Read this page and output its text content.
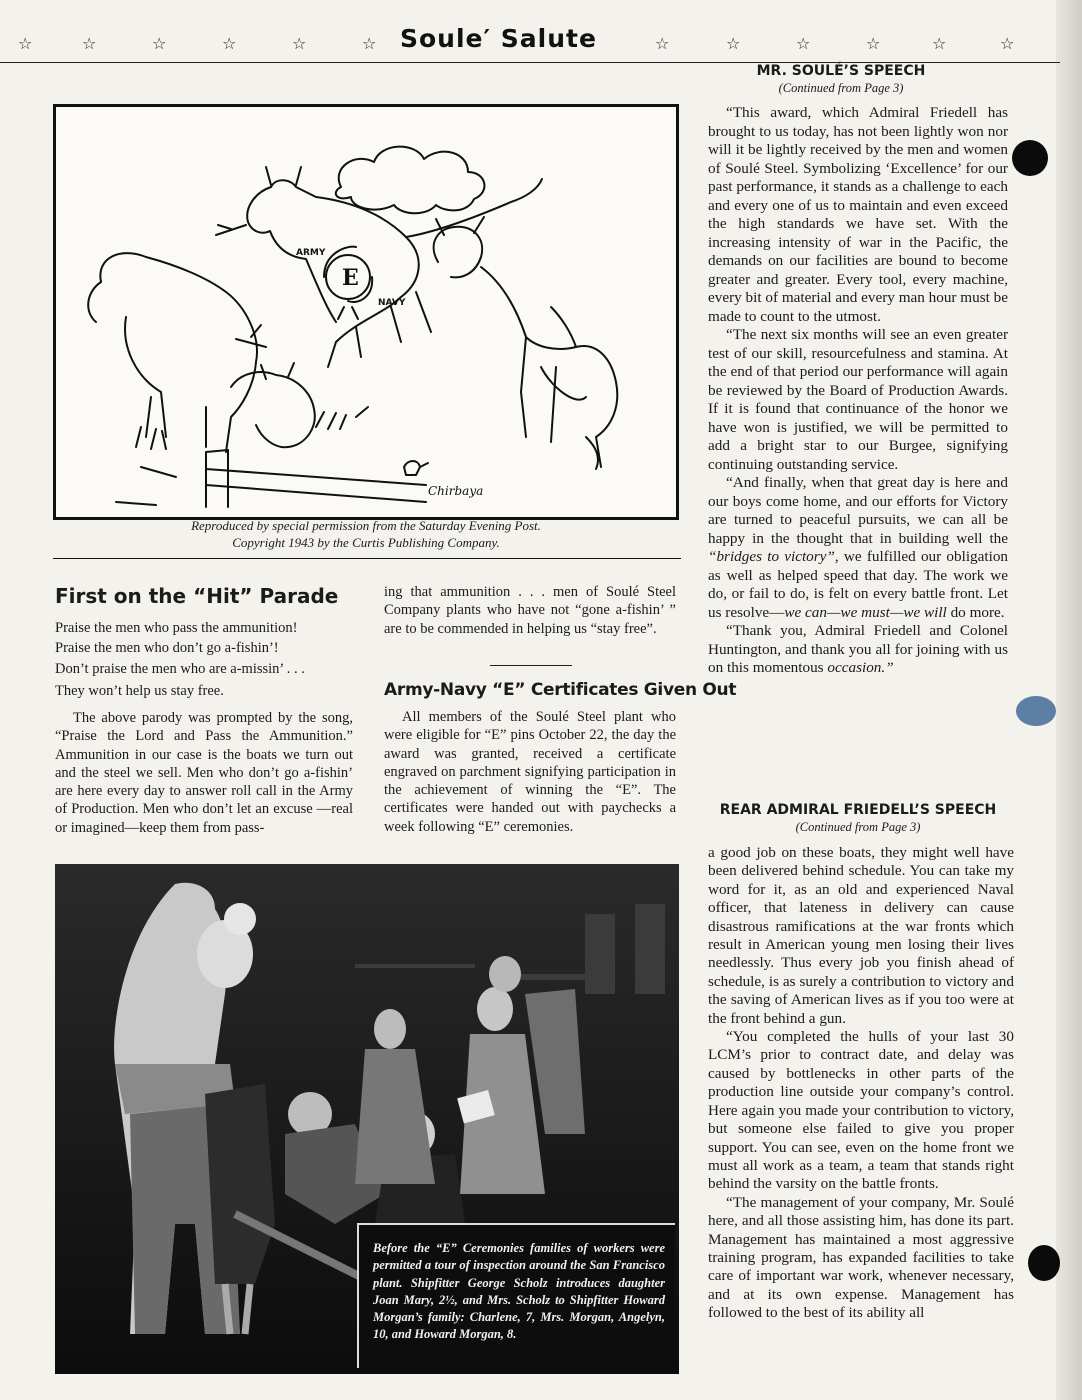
☆	☆	☆	☆	☆	☆ Soule′ Salute	☆	☆	☆	☆	☆	☆
ARMY
E
NAVY
Chirbaya
Reproduced by special permission from the Saturday Evening Post.
Copyright 1943 by the Curtis Publishing Company.
First on the “Hit” Parade
Praise the men who pass the ammunition!
Praise the men who don’t go a-fishin’!
Don’t praise the men who are a-missin’ . . .
They won’t help us stay free.
The above parody was prompted by the song, “Praise the Lord and Pass the Ammunition.” Ammunition in our case is the boats we turn out and the steel we sell. Men who don’t go a-fishin’ are here every day to answer roll call in the Army of Production. Men who don’t let an excuse —real or imagined—keep them from pass-
ing that ammunition . . . men of Soulé Steel Company plants who have not “gone a-fishin’ ” are to be commended in helping us “stay free”.
Army-Navy “E” Certificates Given Out
All members of the Soulé Steel plant who were eligible for “E” pins October 22, the day the award was granted, received a certificate engraved on parchment signifying participation in the achievement of winning the “E”. The certificates were handed out with paychecks a week following “E” ceremonies.
Before the “E” Ceremonies families of workers were permitted a tour of inspection around the San Francisco plant. Shipfitter George Scholz introduces daughter Joan Mary, 2½, and Mrs. Scholz to Shipfitter Howard Morgan’s family: Charlene, 7, Mrs. Morgan, Angelyn, 10, and Howard Morgan, 8.
MR. SOULÉ’S SPEECH
(Continued from Page 3)

“This award, which Admiral Friedell has brought to us today, has not been lightly won nor will it be lightly received by the men and women of Soulé Steel. Symbolizing ‘Excellence’ for our past performance, it stands as a challenge to each and every one of us to maintain and even exceed the high standards we have set. With the increasing intensity of war in the Pacific, the demands on our facilities are bound to become greater and greater. Every tool, every machine, every bit of material and every man hour must be made to count to the utmost.

“The next six months will see an even greater test of our skill, resourcefulness and stamina. At the end of that period our performance will again be reviewed by the Board of Production Awards. If it is found that continuance of the honor we have won is justified, we will be permitted to add a bright star to our Burgee, signifying continuing outstanding service.

“And finally, when that great day is here and our boys come home, and our efforts for Victory are turned to peaceful pursuits, we can all be happy in the thought that in building well the “bridges to victory”, we fulfilled our obligation as well as helped speed that day. The work we do, or fail to do, is felt on every battle front. Let us resolve—we can—we must—we will do more.

“Thank you, Admiral Friedell and Colonel Huntington, and thank you all for joining with us on this momentous occasion.”

REAR ADMIRAL FRIEDELL’S SPEECH
(Continued from Page 3)

a good job on these boats, they might well have been delivered behind schedule. You can take my word for it, as an old and experienced Naval officer, that lateness in delivery can cause disastrous ramifications at the war fronts which result in American young men losing their lives needlessly. Thus every job you finish ahead of schedule, is as surely a contribution to victory and the saving of American lives as if you too were at the front behind a gun.

“You completed the hulls of your last 30 LCM’s prior to contract date, and delay was caused by bottlenecks in other parts of the production line outside your company’s control. Here again you made your contribution to victory, but someone else failed to give you proper support. You can see, even on the home front we must all work as a team, a team that stands right behind the varsity on the battle fronts.

“The management of your company, Mr. Soulé here, and all those assisting him, has done its part. Management has maintained a most aggressive training program, has expanded facilities to take care of important war work, whenever necessary, and at its own expense. Management has followed to the best of its ability all
